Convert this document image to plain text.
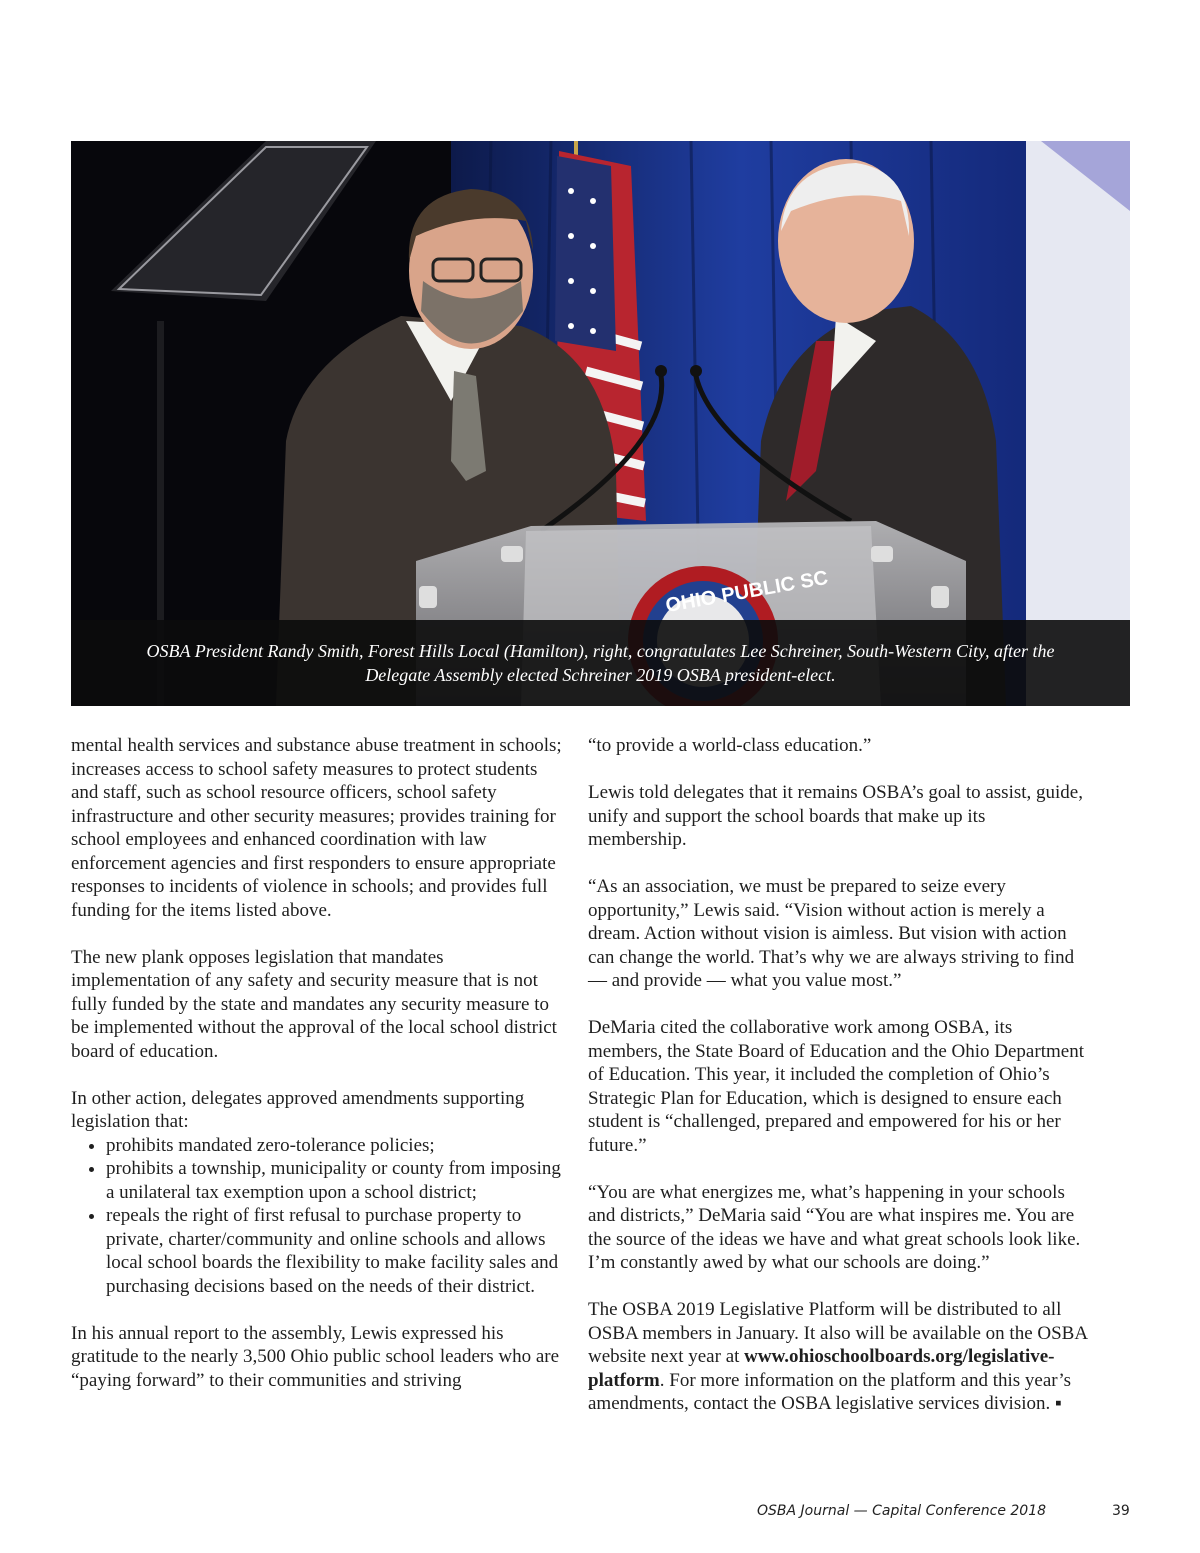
OHIO PUBLIC SC
OSBA President Randy Smith, Forest Hills Local (Hamilton), right, congratulates Lee Schreiner, South-Western City, after the
Delegate Assembly elected Schreiner 2019 OSBA president-elect.

mental health services and substance abuse treatment in schools; increases access to school safety measures to protect students and staff, such as school resource officers, school safety infrastructure and other security measures; provides training for school employees and enhanced coordination with law enforcement agencies and first responders to ensure appropriate responses to incidents of violence in schools; and provides full funding for the items listed above.

The new plank opposes legislation that mandates implementation of any safety and security measure that is not fully funded by the state and mandates any security measure to be implemented without the approval of the local school district board of education.

In other action, delegates approved amendments supporting legislation that:

• prohibits mandated zero-tolerance policies;
• prohibits a township, municipality or county from imposing a unilateral tax exemption upon a school district;
• repeals the right of first refusal to purchase property to private, charter/community and online schools and allows local school boards the flexibility to make facility sales and purchasing decisions based on the needs of their district.

In his annual report to the assembly, Lewis expressed his gratitude to the nearly 3,500 Ohio public school leaders who are “paying forward” to their communities and striving

“to provide a world-class education.”

Lewis told delegates that it remains OSBA’s goal to assist, guide, unify and support the school boards that make up its membership.

“As an association, we must be prepared to seize every opportunity,” Lewis said. “Vision without action is merely a dream. Action without vision is aimless. But vision with action can change the world. That’s why we are always striving to find — and provide — what you value most.”

DeMaria cited the collaborative work among OSBA, its members, the State Board of Education and the Ohio Department of Education. This year, it included the completion of Ohio’s Strategic Plan for Education, which is designed to ensure each student is “challenged, prepared and empowered for his or her future.”

“You are what energizes me, what’s happening in your schools and districts,” DeMaria said “You are what inspires me. You are the source of the ideas we have and what great schools look like. I’m constantly awed by what our schools are doing.”

The OSBA 2019 Legislative Platform will be distributed to all OSBA members in January. It also will be available on the OSBA website next year at www.ohioschoolboards.org/legislative-platform. For more information on the platform and this year’s amendments, contact the OSBA legislative services division. ▪

OSBA Journal — Capital Conference 2018	39
